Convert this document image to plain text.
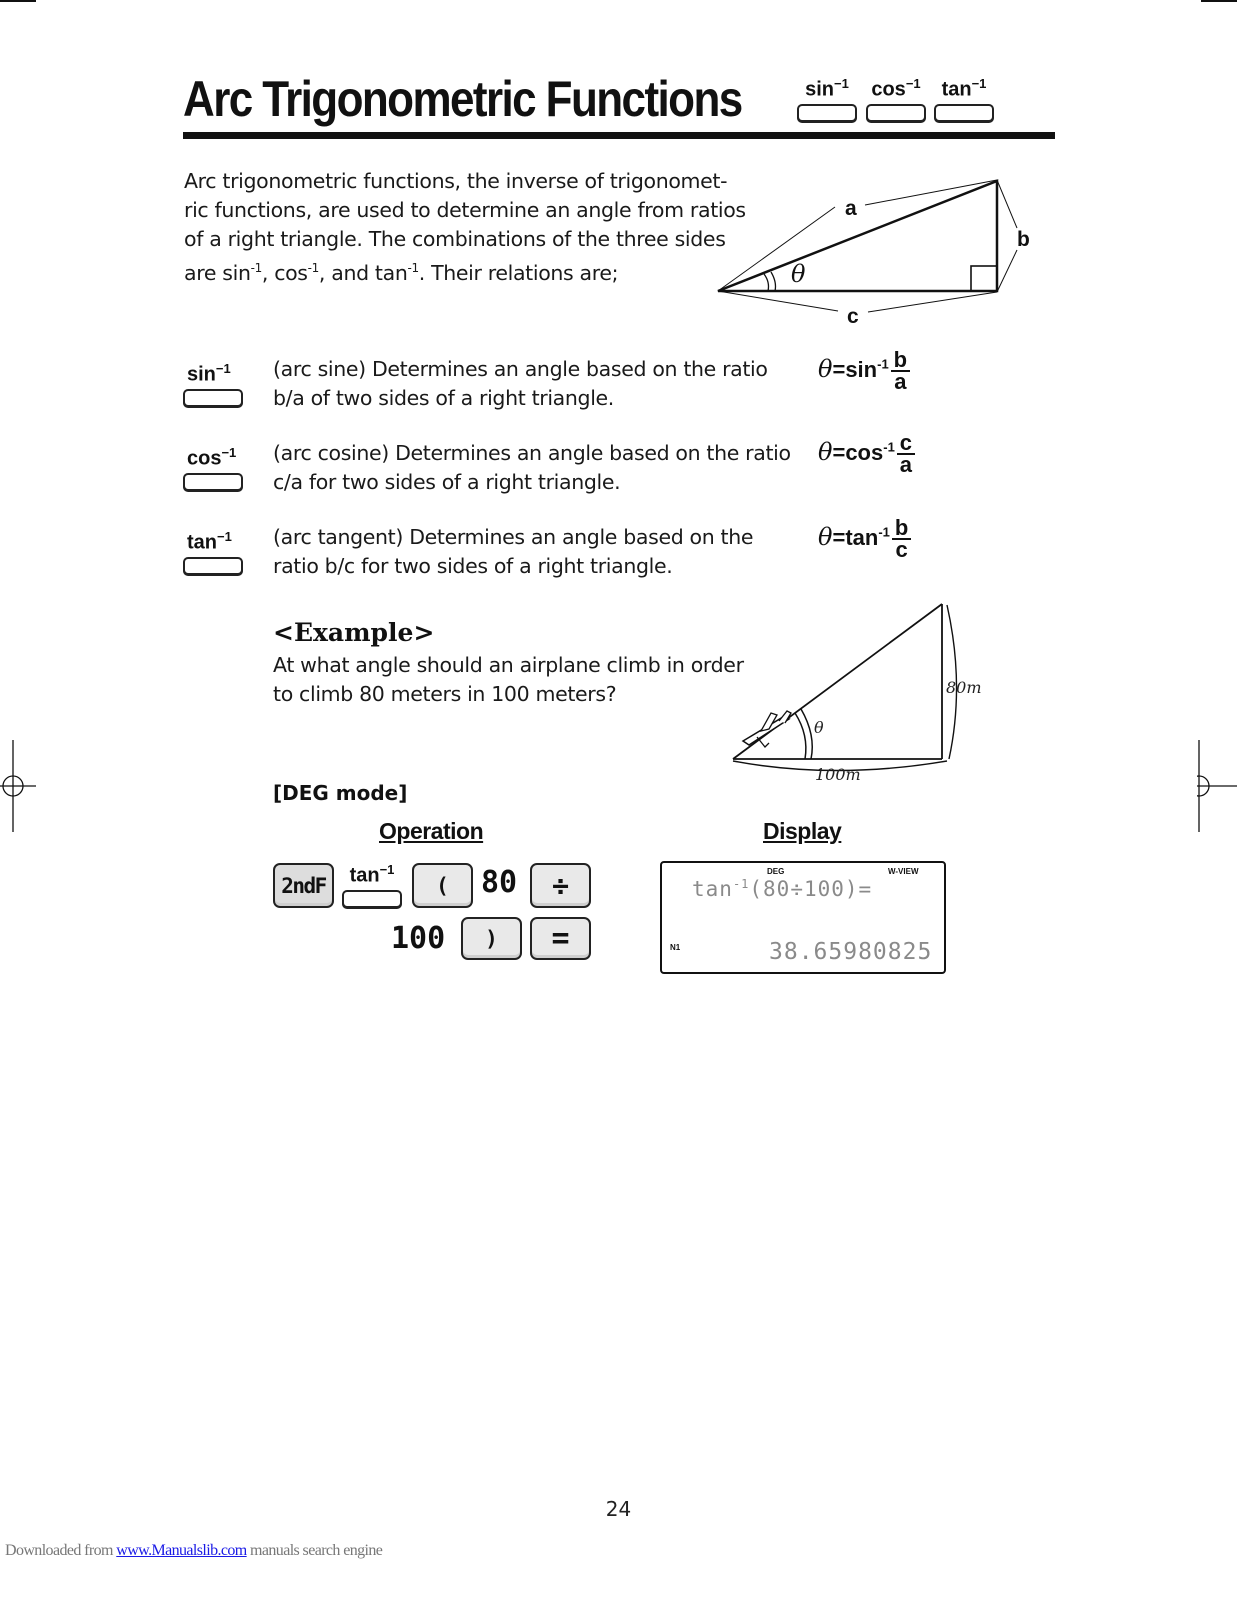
Arc Trigonometric Functions	$\sin^{-1}$	$\cos^{-1}$	$\tan^{-1}$
Arc trigonometric functions, the inverse of trigonomet-
ric functions, are used to determine an angle from ratios
of a right triangle. The combinations of the three sides
are $\sin^{-1}$, $\cos^{-1}$, and $\tan^{-1}$. Their relations are;
a
b
c
θ
$\sin^{-1}$	(arc sine) Determines an angle based on the ratio
b/a of two sides of a right triangle.
$\theta=\sin^{-1} \frac{b}{a}$
$\cos^{-1}$	(arc cosine) Determines an angle based on the ratio
c/a for two sides of a right triangle.
$\theta=\cos^{-1} \frac{c}{a}$
$\tan^{-1}$	(arc tangent) Determines an angle based on the
ratio b/c for two sides of a right triangle.
$\theta=\tan^{-1} \frac{b}{c}$
<Example>
At what angle should an airplane climb in order
to climb 80 meters in 100 meters?
θ
80m
100m
[DEG mode]
Operation	Display
2ndF	$\tan^{-1}$
(	80	÷
100	)	=
DEG	W-VIEW
$\tan^{-1}(80\div 100)=$
N1	38.65980825
24
Downloaded from www.Manualslib.com manuals search engine
